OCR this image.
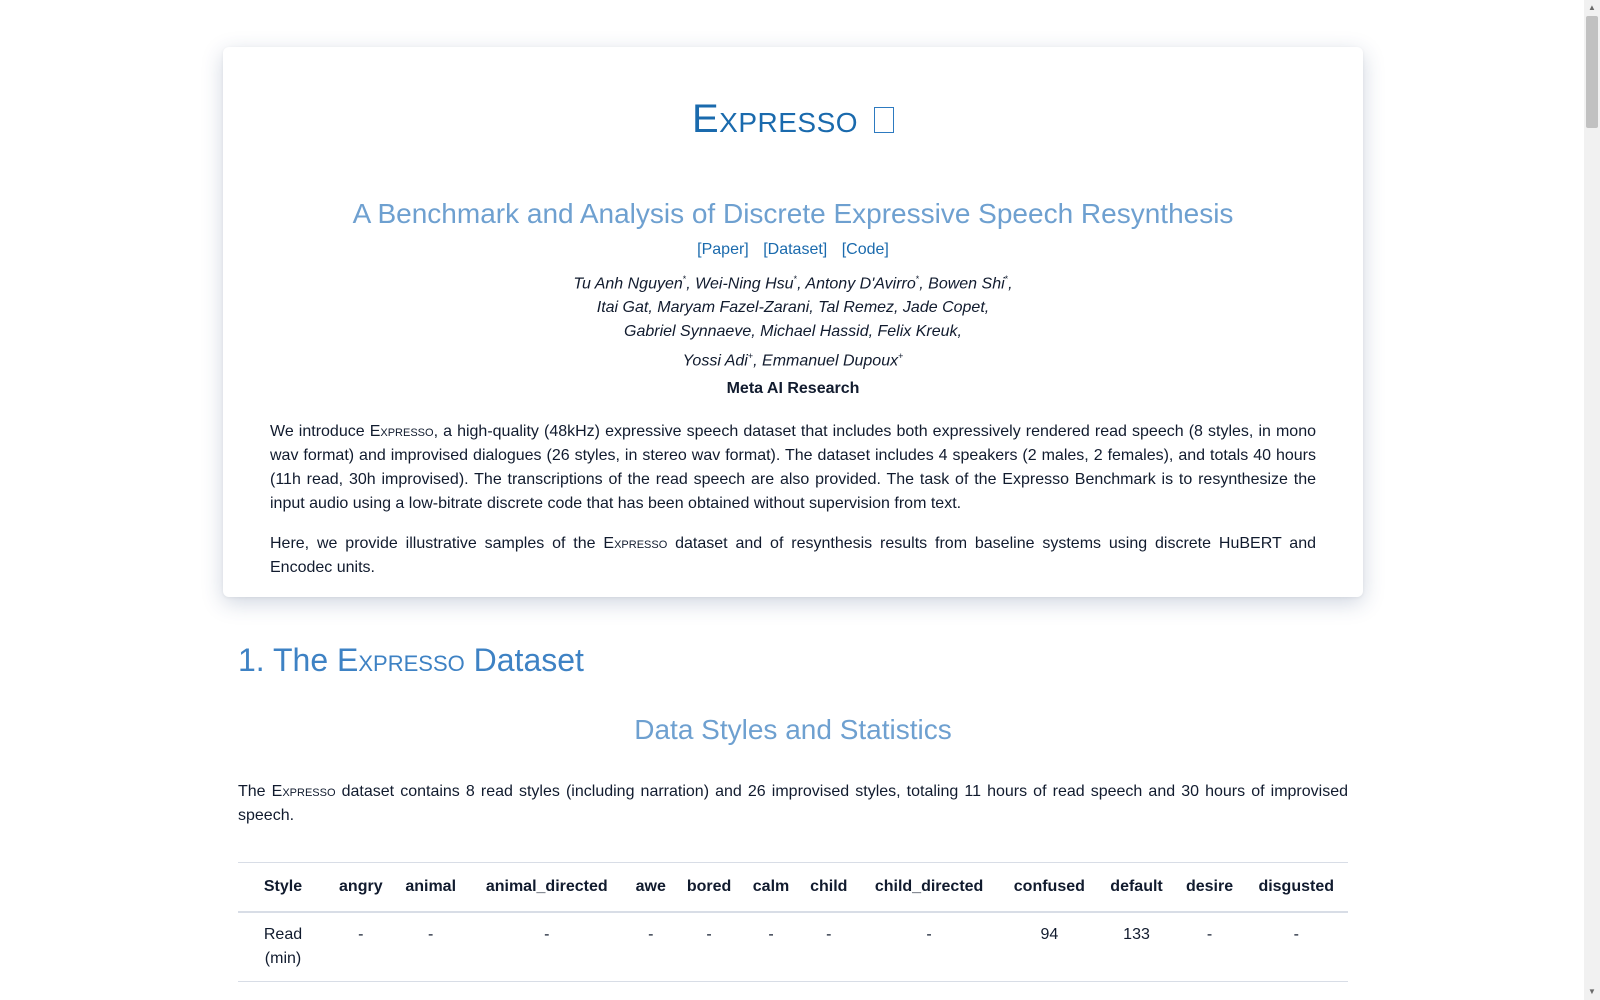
Expresso
A Benchmark and Analysis of Discrete Expressive Speech Resynthesis
[Paper] [Dataset] [Code]
Tu Anh Nguyen*, Wei-Ning Hsu*, Antony D'Avirro*, Bowen Shi*,
Itai Gat, Maryam Fazel-Zarani, Tal Remez, Jade Copet,
Gabriel Synnaeve, Michael Hassid, Felix Kreuk,
Yossi Adi+, Emmanuel Dupoux+
Meta AI Research

We introduce Expresso, a high-quality (48kHz) expressive speech dataset that includes both expressively rendered read speech (8 styles, in mono wav format) and improvised dialogues (26 styles, in stereo wav format). The dataset includes 4 speakers (2 males, 2 females), and totals 40 hours (11h read, 30h improvised). The transcriptions of the read speech are also provided. The task of the Expresso Benchmark is to resynthesize the input audio using a low-bitrate discrete code that has been obtained without supervision from text.

Here, we provide illustrative samples of the Expresso dataset and of resynthesis results from baseline systems using discrete HuBERT and Encodec units.

1. The Expresso Dataset
Data Styles and Statistics
The Expresso dataset contains 8 read styles (including narration) and 26 improvised styles, totaling 11 hours of read speech and 30 hours of improvised speech.
Style	angry	animal	animal_directed	awe	bored	calm	child	child_directed	confused	default	desire	disgusted
Read (min)	-	-	-	-	-	-	-	-	94	133	-	-
▲
▼
